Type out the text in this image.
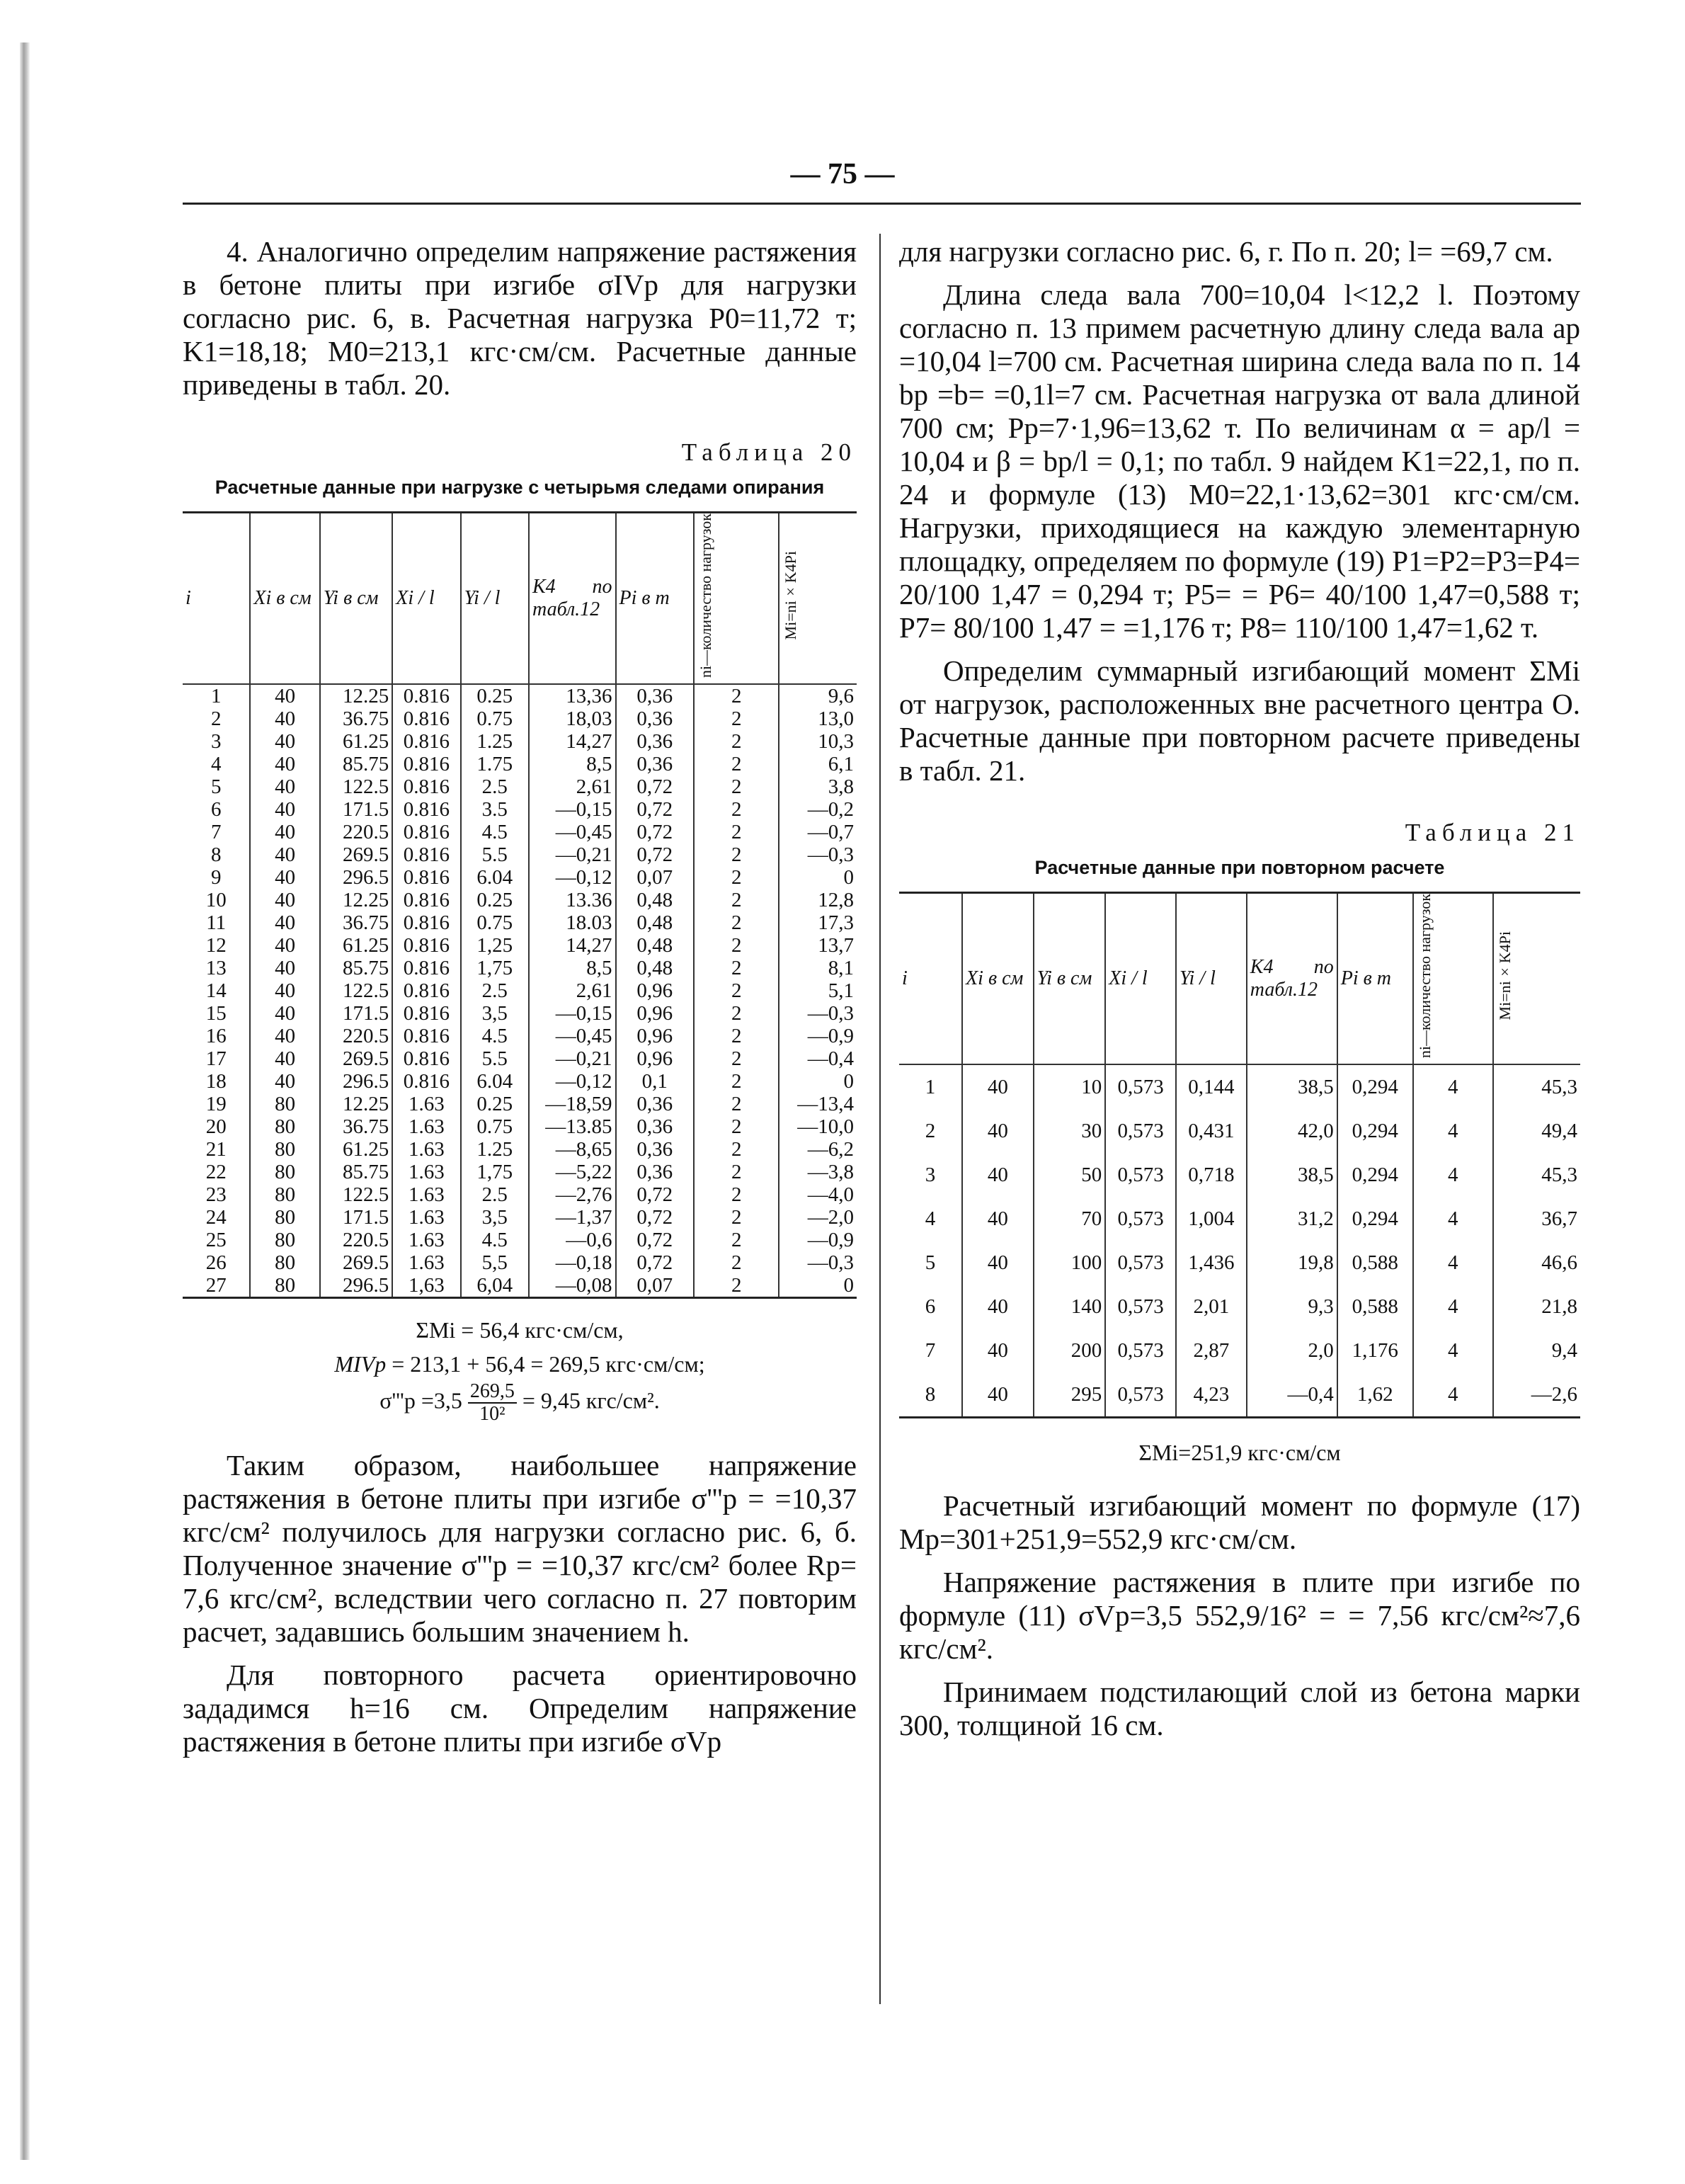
— 75 —

4. Аналогично определим напряжение растяжения в бетоне плиты при изгибе σIVр для нагрузки согласно рис. 6, в. Расчетная нагрузка P0=11,72 т; K1=18,18; M0=213,1 кгс·см/см. Расчетные данные приведены в табл. 20.

Таблица 20
Расчетные данные при нагрузке с четырьмя следами опирания
i	Xi в см	Yi в см	Xi / l	Yi / l	K4 по табл.12	Pi в т	ni—количество нагрузок	Mi=ni×K4Pi
1	40	12.25	0.816	0.25	13,36	0,36	2	9,6
2	40	36.75	0.816	0.75	18,03	0,36	2	13,0
3	40	61.25	0.816	1.25	14,27	0,36	2	10,3
4	40	85.75	0.816	1.75	8,5	0,36	2	6,1
5	40	122.5	0.816	2.5	2,61	0,72	2	3,8
6	40	171.5	0.816	3.5	—0,15	0,72	2	—0,2
7	40	220.5	0.816	4.5	—0,45	0,72	2	—0,7
8	40	269.5	0.816	5.5	—0,21	0,72	2	—0,3
9	40	296.5	0.816	6.04	—0,12	0,07	2	0
10	40	12.25	0.816	0.25	13.36	0,48	2	12,8
11	40	36.75	0.816	0.75	18.03	0,48	2	17,3
12	40	61.25	0.816	1,25	14,27	0,48	2	13,7
13	40	85.75	0.816	1,75	8,5	0,48	2	8,1
14	40	122.5	0.816	2.5	2,61	0,96	2	5,1
15	40	171.5	0.816	3,5	—0,15	0,96	2	—0,3
16	40	220.5	0.816	4.5	—0,45	0,96	2	—0,9
17	40	269.5	0.816	5.5	—0,21	0,96	2	—0,4
18	40	296.5	0.816	6.04	—0,12	0,1	2	0
19	80	12.25	1.63	0.25	—18,59	0,36	2	—13,4
20	80	36.75	1.63	0.75	—13.85	0,36	2	—10,0
21	80	61.25	1.63	1.25	—8,65	0,36	2	—6,2
22	80	85.75	1.63	1,75	—5,22	0,36	2	—3,8
23	80	122.5	1.63	2.5	—2,76	0,72	2	—4,0
24	80	171.5	1.63	3,5	—1,37	0,72	2	—2,0
25	80	220.5	1.63	4.5	—0,6	0,72	2	—0,9
26	80	269.5	1.63	5,5	—0,18	0,72	2	—0,3
27	80	296.5	1,63	6,04	—0,08	0,07	2	0
ΣMi = 56,4 кгс·см/см,
MIVр = 213,1 + 56,4 = 269,5 кгс·см/см;
$\sigma'''р =3,5 \frac{269,5}{\text{10²}} = 9,45$ кгс/см².

Таким образом, наибольшее напряжение растяжения в бетоне плиты при изгибе σ'''р = =10,37 кгс/см² получилось для нагрузки согласно рис. 6, б. Полученное значение σ'''р = =10,37 кгс/см² более Rр= 7,6 кгс/см², вследствии чего согласно п. 27 повторим расчет, задавшись большим значением h.

Для повторного расчета ориентировочно зададимся h=16 см. Определим напряжение растяжения в бетоне плиты при изгибе σVр

для нагрузки согласно рис. 6, г. По п. 20; l= =69,7 см.

Длина следа вала 700=10,04 l<12,2 l. Поэтому согласно п. 13 примем расчетную длину следа вала aр =10,04 l=700 см. Расчетная ширина следа вала по п. 14 bр =b= =0,1l=7 см. Расчетная нагрузка от вала длиной 700 см; Pр=7·1,96=13,62 т. По величинам α = aр/l = 10,04 и β = bр/l = 0,1; по табл. 9 найдем K1=22,1, по п. 24 и формуле (13) M0=22,1·13,62=301 кгс·см/см. Нагрузки, приходящиеся на каждую элементарную площадку, определяем по формуле (19) P1=P2=P3=P4= 20/100 1,47 = 0,294 т; P5= = P6= 40/100 1,47=0,588 т; P7= 80/100 1,47 = =1,176 т; P8= 110/100 1,47=1,62 т.

Определим суммарный изгибающий момент ΣMi от нагрузок, расположенных вне расчетного центра O. Расчетные данные при повторном расчете приведены в табл. 21.

Таблица 21
Расчетные данные при повторном расчете
i	Xi в см	Yi в см	Xi / l	Yi / l	K4 по табл.12	Pi в т	ni—количество нагрузок	Mi=ni×K4Pi
1	40	10	0,573	0,144	38,5	0,294	4	45,3
2	40	30	0,573	0,431	42,0	0,294	4	49,4
3	40	50	0,573	0,718	38,5	0,294	4	45,3
4	40	70	0,573	1,004	31,2	0,294	4	36,7
5	40	100	0,573	1,436	19,8	0,588	4	46,6
6	40	140	0,573	2,01	9,3	0,588	4	21,8
7	40	200	0,573	2,87	2,0	1,176	4	9,4
8	40	295	0,573	4,23	—0,4	1,62	4	—2,6
ΣMi=251,9 кгс·см/см

Расчетный изгибающий момент по формуле (17) Mр=301+251,9=552,9 кгс·см/см.

Напряжение растяжения в плите при изгибе по формуле (11) σVр=3,5 552,9/16² = = 7,56 кгс/см²≈7,6 кгс/см².

Принимаем подстилающий слой из бетона марки 300, толщиной 16 см.
